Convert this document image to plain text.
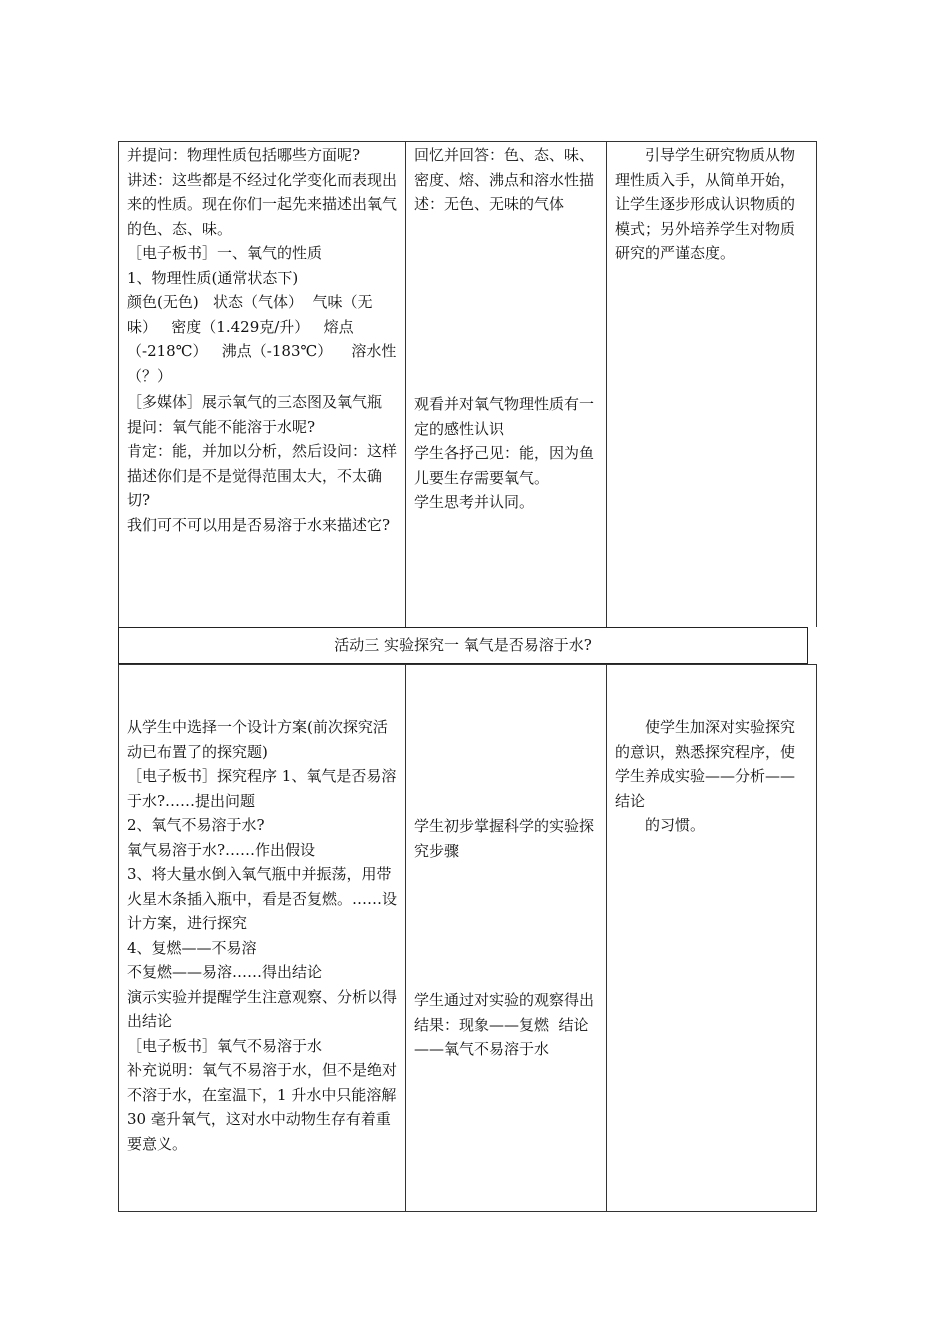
并提问：物理性质包括哪些方面呢?

讲述：这些都是不经过化学变化而表现出来的性质。现在你们一起先来描述出氧气的色、态、味。

［电子板书］一、氧气的性质

1、物理性质(通常状态下)

颜色(无色)   状态（气体）  气味（无味）   密度（1.429克/升）   熔点（-218℃）   沸点（-183℃）    溶水性（？）

［多媒体］展示氧气的三态图及氧气瓶

提问：氧气能不能溶于水呢?

肯定：能，并加以分析，然后设问：这样描述你们是不是觉得范围太大，不太确切?

我们可不可以用是否易溶于水来描述它?

回忆并回答：色、态、味、密度、熔、沸点和溶水性描述：无色、无味的气体

观看并对氧气物理性质有一定的感性认识

学生各抒己见：能，因为鱼儿要生存需要氧气。

学生思考并认同。

引导学生研究物质从物理性质入手，从简单开始，让学生逐步形成认识物质的模式；另外培养学生对物质研究的严谨态度。

活动三 实验探究一 氧气是否易溶于水?

从学生中选择一个设计方案(前次探究活动已布置了的探究题)

［电子板书］探究程序 1、氧气是否易溶于水?……提出问题

2、氧气不易溶于水?

氧气易溶于水?……作出假设

3、将大量水倒入氧气瓶中并振荡，用带火星木条插入瓶中，看是否复燃。……设计方案，进行探究

4、复燃——不易溶

不复燃——易溶……得出结论

演示实验并提醒学生注意观察、分析以得出结论

［电子板书］氧气不易溶于水

补充说明：氧气不易溶于水，但不是绝对不溶于水，在室温下，1 升水中只能溶解 30 毫升氧气，这对水中动物生存有着重要意义。

学生初步掌握科学的实验探究步骤

学生通过对实验的观察得出结果：现象——复燃  结论——氧气不易溶于水

使学生加深对实验探究的意识，熟悉探究程序，使学生养成实验——分析——结论

的习惯。
